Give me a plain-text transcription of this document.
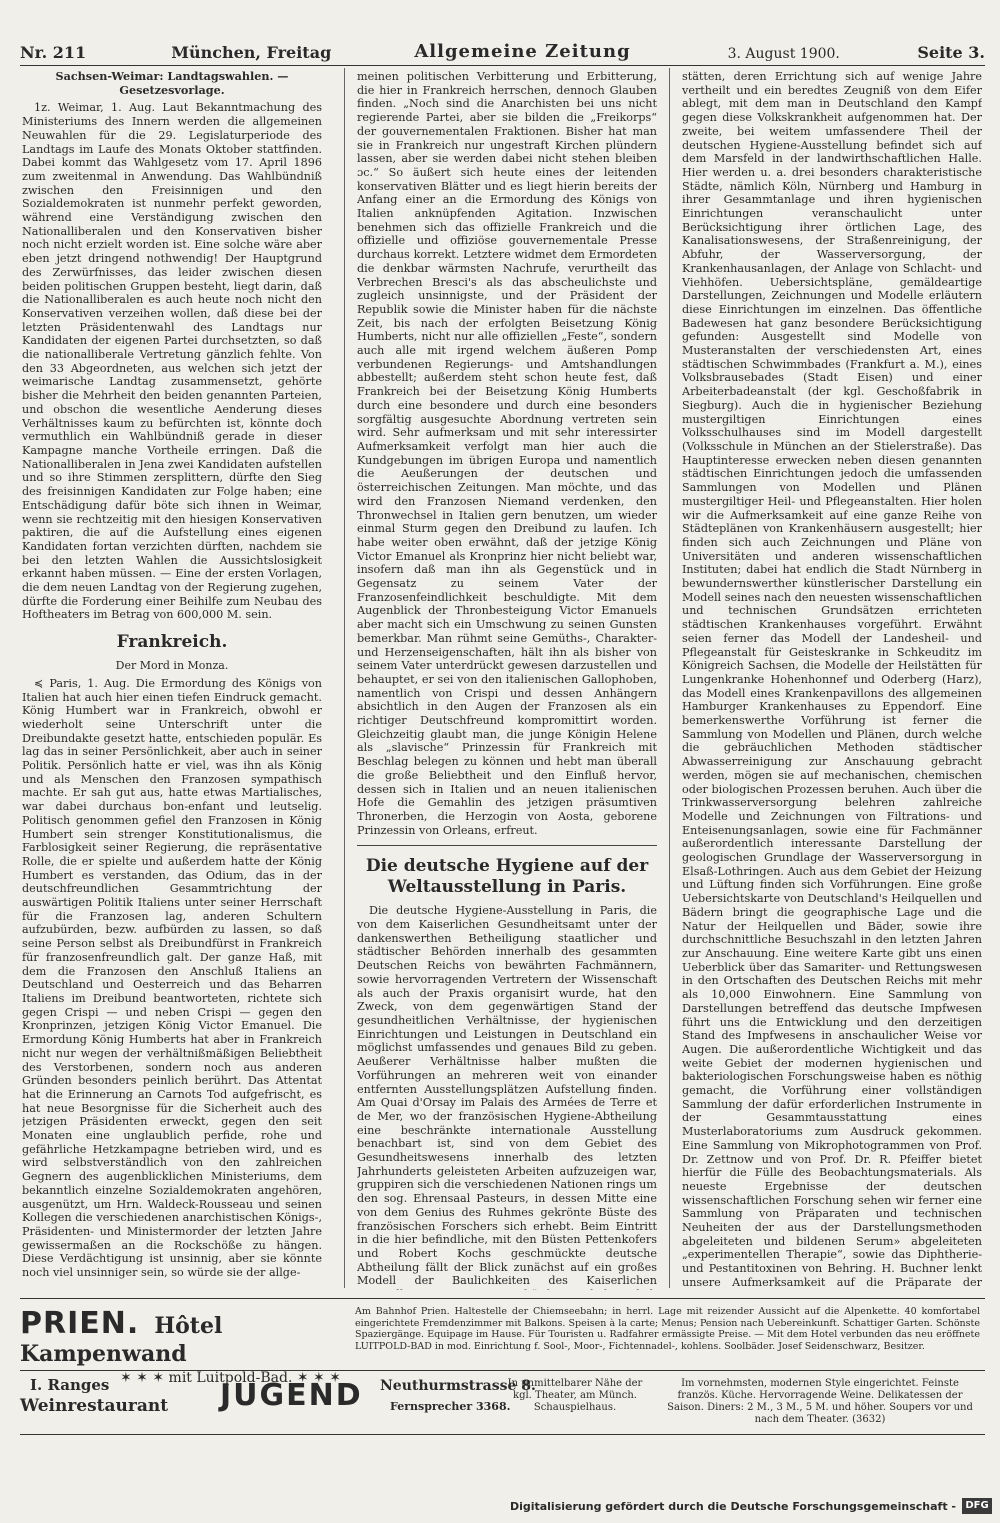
Nr. 211	München, Freitag	Allgemeine Zeitung	3. August 1900.	Seite 3.
Sachsen-Weimar: Landtagswahlen. — Gesetzesvorlage.

1z. Weimar, 1. Aug. Laut Bekanntmachung des Ministeriums des Innern werden die allgemeinen Neuwahlen für die 29. Legislaturperiode des Landtags im Laufe des Monats Oktober stattfinden. Dabei kommt das Wahlgesetz vom 17. April 1896 zum zweitenmal in Anwendung. Das Wahlbündniß zwischen den Freisinnigen und den Sozialdemokraten ist nunmehr perfekt geworden, während eine Verständigung zwischen den Nationalliberalen und den Konservativen bisher noch nicht erzielt worden ist. Eine solche wäre aber eben jetzt dringend nothwendig! Der Hauptgrund des Zerwürfnisses, das leider zwischen diesen beiden politischen Gruppen besteht, liegt darin, daß die Nationalliberalen es auch heute noch nicht den Konservativen verzeihen wollen, daß diese bei der letzten Präsidentenwahl des Landtags nur Kandidaten der eigenen Partei durchsetzten, so daß die nationalliberale Vertretung gänzlich fehlte. Von den 33 Abgeordneten, aus welchen sich jetzt der weimarische Landtag zusammensetzt, gehörte bisher die Mehrheit den beiden genannten Parteien, und obschon die wesentliche Aenderung dieses Verhältnisses kaum zu befürchten ist, könnte doch vermuthlich ein Wahlbündniß gerade in dieser Kampagne manche Vortheile erringen. Daß die Nationalliberalen in Jena zwei Kandidaten aufstellen und so ihre Stimmen zersplittern, dürfte den Sieg des freisinnigen Kandidaten zur Folge haben; eine Entschädigung dafür böte sich ihnen in Weimar, wenn sie rechtzeitig mit den hiesigen Konservativen paktiren, die auf die Aufstellung eines eigenen Kandidaten fortan verzichten dürften, nachdem sie bei den letzten Wahlen die Aussichtslosigkeit erkannt haben müssen. — Eine der ersten Vorlagen, die dem neuen Landtag von der Regierung zugehen, dürfte die Forderung einer Beihilfe zum Neubau des Hoftheaters im Betrag von 600,000 M. sein.

Frankreich.
Der Mord in Monza.

≼ Paris, 1. Aug. Die Ermordung des Königs von Italien hat auch hier einen tiefen Eindruck gemacht. König Humbert war in Frankreich, obwohl er wiederholt seine Unterschrift unter die Dreibundakte gesetzt hatte, entschieden populär. Es lag das in seiner Persönlichkeit, aber auch in seiner Politik. Persönlich hatte er viel, was ihn als König und als Menschen den Franzosen sympathisch machte. Er sah gut aus, hatte etwas Martialisches, war dabei durchaus bon-enfant und leutselig. Politisch genommen gefiel den Franzosen in König Humbert sein strenger Konstitutionalismus, die Farblosigkeit seiner Regierung, die repräsentative Rolle, die er spielte und außerdem hatte der König Humbert es verstanden, das Odium, das in der deutschfreundlichen Gesammtrichtung der auswärtigen Politik Italiens unter seiner Herrschaft für die Franzosen lag, anderen Schultern aufzubürden, bezw. aufbürden zu lassen, so daß seine Person selbst als Dreibundfürst in Frankreich für franzosenfreundlich galt. Der ganze Haß, mit dem die Franzosen den Anschluß Italiens an Deutschland und Oesterreich und das Beharren Italiens im Dreibund beantworteten, richtete sich gegen Crispi — und neben Crispi — gegen den Kronprinzen, jetzigen König Victor Emanuel. Die Ermordung König Humberts hat aber in Frankreich nicht nur wegen der verhältnißmäßigen Beliebtheit des Verstorbenen, sondern noch aus anderen Gründen besonders peinlich berührt. Das Attentat hat die Erinnerung an Carnots Tod aufgefrischt, es hat neue Besorgnisse für die Sicherheit auch des jetzigen Präsidenten erweckt, gegen den seit Monaten eine unglaublich perfide, rohe und gefährliche Hetzkampagne betrieben wird, und es wird selbstverständlich von den zahlreichen Gegnern des augenblicklichen Ministeriums, dem bekanntlich einzelne Sozialdemokraten angehören, ausgenützt, um Hrn. Waldeck-Rousseau und seinen Kollegen die verschiedenen anarchistischen Königs-, Präsidenten- und Ministermorder der letzten Jahre gewissermaßen an die Rockschöße zu hängen. Diese Verdächtigung ist unsinnig, aber sie könnte noch viel unsinniger sein, so würde sie der allge-

meinen politischen Verbitterung und Erbitterung, die hier in Frankreich herrschen, dennoch Glauben finden. „Noch sind die Anarchisten bei uns nicht regierende Partei, aber sie bilden die „Freikorps“ der gouvernementalen Fraktionen. Bisher hat man sie in Frankreich nur ungestraft Kirchen plündern lassen, aber sie werden dabei nicht stehen bleiben ɔc.“ So äußert sich heute eines der leitenden konservativen Blätter und es liegt hierin bereits der Anfang einer an die Ermordung des Königs von Italien anknüpfenden Agitation. Inzwischen benehmen sich das offizielle Frankreich und die offizielle und offiziöse gouvernementale Presse durchaus korrekt. Letztere widmet dem Ermordeten die denkbar wärmsten Nachrufe, verurtheilt das Verbrechen Bresci's als das abscheulichste und zugleich unsinnigste, und der Präsident der Republik sowie die Minister haben für die nächste Zeit, bis nach der erfolgten Beisetzung König Humberts, nicht nur alle offiziellen „Feste“, sondern auch alle mit irgend welchem äußeren Pomp verbundenen Regierungs- und Amtshandlungen abbestellt; außerdem steht schon heute fest, daß Frankreich bei der Beisetzung König Humberts durch eine besondere und durch eine besonders sorgfältig ausgesuchte Abordnung vertreten sein wird. Sehr aufmerksam und mit sehr interessirter Aufmerksamkeit verfolgt man hier auch die Kundgebungen im übrigen Europa und namentlich die Aeußerungen der deutschen und österreichischen Zeitungen. Man möchte, und das wird den Franzosen Niemand verdenken, den Thronwechsel in Italien gern benutzen, um wieder einmal Sturm gegen den Dreibund zu laufen. Ich habe weiter oben erwähnt, daß der jetzige König Victor Emanuel als Kronprinz hier nicht beliebt war, insofern daß man ihn als Gegenstück und in Gegensatz zu seinem Vater der Franzosenfeindlichkeit beschuldigte. Mit dem Augenblick der Thronbesteigung Victor Emanuels aber macht sich ein Umschwung zu seinen Gunsten bemerkbar. Man rühmt seine Gemüths-, Charakter- und Herzenseigenschaften, hält ihn als bisher von seinem Vater unterdrückt gewesen darzustellen und behauptet, er sei von den italienischen Gallophoben, namentlich von Crispi und dessen Anhängern absichtlich in den Augen der Franzosen als ein richtiger Deutschfreund kompromittirt worden. Gleichzeitig glaubt man, die junge Königin Helene als „slavische“ Prinzessin für Frankreich mit Beschlag belegen zu können und hebt man überall die große Beliebtheit und den Einfluß hervor, dessen sich in Italien und an neuen italienischen Hofe die Gemahlin des jetzigen präsumtiven Thronerben, die Herzogin von Aosta, geborene Prinzessin von Orleans, erfreut.

Die deutsche Hygiene auf der Weltausstellung in Paris.

Die deutsche Hygiene-Ausstellung in Paris, die von dem Kaiserlichen Gesundheitsamt unter der dankenswerthen Betheiligung staatlicher und städtischer Behörden innerhalb des gesammten Deutschen Reichs von bewährten Fachmännern, sowie hervorragenden Vertretern der Wissenschaft als auch der Praxis organisirt wurde, hat den Zweck, von dem gegenwärtigen Stand der gesundheitlichen Verhältnisse, der hygienischen Einrichtungen und Leistungen in Deutschland ein möglichst umfassendes und genaues Bild zu geben. Aeußerer Verhältnisse halber mußten die Vorführungen an mehreren weit von einander entfernten Ausstellungsplätzen Aufstellung finden. Am Quai d'Orsay im Palais des Armées de Terre et de Mer, wo der französischen Hygiene-Abtheilung eine beschränkte internationale Ausstellung benachbart ist, sind von dem Gebiet des Gesundheitswesens innerhalb des letzten Jahrhunderts geleisteten Arbeiten aufzuzeigen war, gruppiren sich die verschiedenen Nationen rings um den sog. Ehrensaal Pasteurs, in dessen Mitte eine von dem Genius des Ruhmes gekrönte Büste des französischen Forschers sich erhebt. Beim Eintritt in die hier befindliche, mit den Büsten Pettenkofers und Robert Kochs geschmückte deutsche Abtheilung fällt der Blick zunächst auf ein großes Modell der Baulichkeiten des Kaiserlichen

stätten, deren Errichtung sich auf wenige Jahre vertheilt und ein beredtes Zeugniß von dem Eifer ablegt, mit dem man in Deutschland den Kampf gegen diese Volkskrankheit aufgenommen hat. Der zweite, bei weitem umfassendere Theil der deutschen Hygiene-Ausstellung befindet sich auf dem Marsfeld in der landwirthschaftlichen Halle. Hier werden u. a. drei besonders charakteristische Städte, nämlich Köln, Nürnberg und Hamburg in ihrer Gesammtanlage und ihren hygienischen Einrichtungen veranschaulicht unter Berücksichtigung ihrer örtlichen Lage, des Kanalisationswesens, der Straßenreinigung, der Abfuhr, der Wasserversorgung, der Krankenhausanlagen, der Anlage von Schlacht- und Viehhöfen. Uebersichtspläne, gemäldeartige Darstellungen, Zeichnungen und Modelle erläutern diese Einrichtungen im einzelnen. Das öffentliche Badewesen hat ganz besondere Berücksichtigung gefunden: Ausgestellt sind Modelle von Musteranstalten der verschiedensten Art, eines städtischen Schwimmbades (Frankfurt a. M.), eines Volksbrausebades (Stadt Eisen) und einer Arbeiterbadeanstalt (der kgl. Geschoßfabrik in Siegburg). Auch die in hygienischer Beziehung mustergiltigen Einrichtungen eines Volksschulhauses sind im Modell dargestellt (Volksschule in München an der Stielerstraße). Das Hauptinteresse erwecken neben diesen genannten städtischen Einrichtungen jedoch die umfassenden Sammlungen von Modellen und Plänen mustergiltiger Heil- und Pflegeanstalten. Hier holen wir die Aufmerksamkeit auf eine ganze Reihe von Städteplänen von Krankenhäusern ausgestellt; hier finden sich auch Zeichnungen und Pläne von Universitäten und anderen wissenschaftlichen Instituten; dabei hat endlich die Stadt Nürnberg in bewundernswerther künstlerischer Darstellung ein Modell seines nach den neuesten wissenschaftlichen und technischen Grundsätzen errichteten städtischen Krankenhauses vorgeführt. Erwähnt seien ferner das Modell der Landesheil- und Pflegeanstalt für Geisteskranke in Schkeuditz im Königreich Sachsen, die Modelle der Heilstätten für Lungenkranke Hohenhonnef und Oderberg (Harz), das Modell eines Krankenpavillons des allgemeinen Hamburger Krankenhauses zu Eppendorf. Eine bemerkenswerthe Vorführung ist ferner die Sammlung von Modellen und Plänen, durch welche die gebräuchlichen Methoden städtischer Abwasserreinigung zur Anschauung gebracht werden, mögen sie auf mechanischen, chemischen oder biologischen Prozessen beruhen. Auch über die Trinkwasserversorgung belehren zahlreiche Modelle und Zeichnungen von Filtrations- und Enteisenungsanlagen, sowie eine für Fachmänner außerordentlich interessante Darstellung der geologischen Grundlage der Wasserversorgung in Elsaß-Lothringen. Auch aus dem Gebiet der Heizung und Lüftung finden sich Vorführungen. Eine große Uebersichtskarte von Deutschland's Heilquellen und Bädern bringt die geographische Lage und die Natur der Heilquellen und Bäder, sowie ihre durchschnittliche Besuchszahl in den letzten Jahren zur Anschauung. Eine weitere Karte gibt uns einen Ueberblick über das Samariter- und Rettungswesen in den Ortschaften des Deutschen Reichs mit mehr als 10,000 Einwohnern. Eine Sammlung von Darstellungen betreffend das deutsche Impfwesen führt uns die Entwicklung und den derzeitigen Stand des Impfwesens in anschaulicher Weise vor Augen. Die außerordentliche Wichtigkeit und das weite Gebiet der modernen hygienischen und bakteriologischen Forschungsweise haben es nöthig gemacht, die Vorführung einer vollständigen Sammlung der dafür erforderlichen Instrumente in der Gesammtausstattung eines Musterlaboratoriums zum Ausdruck gekommen. Eine Sammlung von Mikrophotogrammen von Prof. Dr. Zettnow und von Prof. Dr. R. Pfeiffer bietet hierfür die Fülle des Beobachtungsmaterials. Als neueste Ergebnisse der deutschen wissenschaftlichen Forschung sehen wir ferner eine Sammlung von Präparaten und technischen Neuheiten der aus der Darstellungsmethoden abgeleiteten und bildenen Serum» abgeleiteten „experimentellen Therapie“, sowie das Diphtherie- und Pestantitoxinen von Behring. H. Buchner lenkt unsere Aufmerksamkeit auf die Präparate der

PRIEN. Hôtel Kampenwand
✶ ✶ ✶ mit Luitpold-Bad. ✶ ✶ ✶
Am Bahnhof Prien. Haltestelle der Chiemseebahn; in herrl. Lage mit reizender Aussicht auf die Alpenkette. 40 komfortabel eingerichtete Fremdenzimmer mit Balkons. Speisen à la carte; Menus; Pension nach Uebereinkunft. Schattiger Garten. Schönste Spaziergänge. Equipage im Hause. Für Touristen u. Radfahrer ermässigte Preise. — Mit dem Hotel verbunden das neu eröffnete LUITPOLD-BAD in mod. Einrichtung f. Sool-, Moor-, Fichtennadel-, kohlens. Soolbäder. Josef Seidenschwarz, Besitzer.
I. Ranges
Weinrestaurant JUGEND Neuthurmstrasse 8.
Fernsprecher 3368.
In unmittelbarer Nähe der kgl. Theater, am Münch. Schauspielhaus.
Im vornehmsten, modernen Style eingerichtet. Feinste französ. Küche. Hervorragende Weine. Delikatessen der Saison. Diners: 2 M., 3 M., 5 M. und höher. Soupers vor und nach dem Theater. (3632)
Digitalisierung gefördert durch die Deutsche Forschungsgemeinschaft - DFG
